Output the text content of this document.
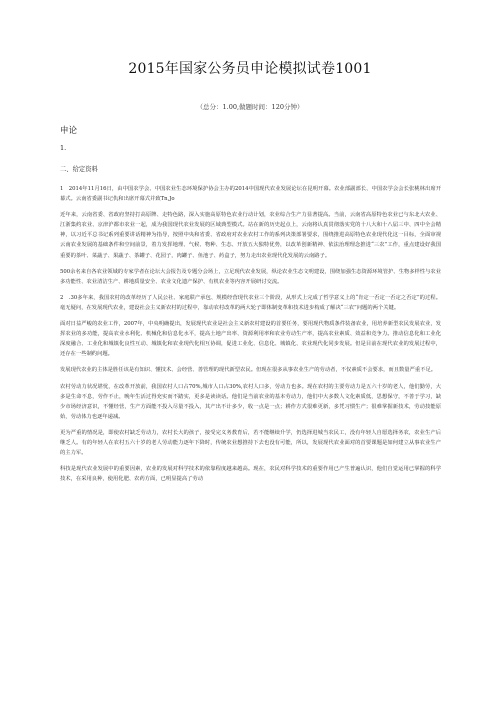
2015年国家公务员申论模拟试卷1001
（总分：1.00,做题时间：120分钟）
申论
1.
二、给定资料

1　2014年11月16日，由中国农学会、中国农业生态环境保护协会主办的2014中国现代农业发展论坛在昆明开幕。农业部副部长、中国农学会会长张桃林出席开幕式。云南省委副书记仇和出席开幕式并致Tn,Jo

近年来，云南省委、省政府坚持打高原牌、走特色路，深入实施高原特色农业行动计划，农业综合生产力显著提高。当前，云南省高原特色农业已与东北大农业、江浙集约农业、京津沪都市农业一起，成为我国现代农业发展的区域典型模式。站在新的历史起点上，云南将认真贯彻落实党的十八大和十八届三中、四中全会精神，以习近平总书记系列重要讲话精神为指导，按照中央和省委、省政府对农业农村工作的系列决策部署要求，围绕推进高原特色农业现代化这一目标，全面审视云南农业发展的基础条件和空间前景，着力发挥地理、气候、物种、生态、开放五大独特优势，以改革创新精神、依法治理理念推进“三农”工作，重点建设好我国重要的茶叶、菜蔬子、果蔬子、茶罐子、花园子，肉罐子、鱼池子、药盒子，努力走出农业现代化发展的云南路子。

500余名来自各农业领域的专家学者在论坛大会报告及专题分会场上，立足现代农业发展，纵论农业生态文明建设，围绕加强生态资源环境管护、生物多样性与农业多功能性、农业清洁生产、耕地质量安全、农业文化遗产保护、有机农业等内容开展研讨交流。

2　.30多年来，我国农村的改革经历了人民公社、家庭联产承包、规模经营现代农业三个阶段，从形式上完成了哲学意义上的“肯定一否定一否定之否定”的过程。毫无疑问，在发展现代农业，建设社会主义新农村的过程中，靠动农村改革的两大轮子即体制变革和技术进步构成了解决“三农”问题的两个关键。

面对日益严峻的农业工作，2007年，中央明确提出，发展现代农业是社会主义新农村建设的首要任务，要用现代物质条件装备农业，用培养新型农民发展农业，发挥农业的多功能，提高农业水利化、机械化和信息化水平，提高土地产出率、资源利用率和农业劳动生产率，提高农业素质、效益和竞争力。推动信息化和工业化深度融合、工业化和城镇化良性互动、城镇化和农业现代化相互协调，促进工业化、信息化、城镇化、农业现代化同步发展。但是目前在现代农业的发展过程中，还存在一些制约问题。

发展现代农业的主体是胜任该是有知识、懂技术、会经营、善管理的现代新型农民。但现在很多从事农业生产的劳动者，不仅素质不会要求，而且数量严重不足。

农村劳动力状况堪忧，在改革开放前，我国农村人口占70%,城市人口占30%,农村人口多，劳动力也多。现在农村的主要劳动力是五六十岁的老人，他们勤劳，大多是生命不息，劳作不止，晚年生活过得充实而不踏实，更多是读读话。他们是当前农业的基本劳动力，他们中大多数人文化素质低，思想保守，不善于学习，缺少市场经济意识，不懂经营，生产方面能不投入尽量不投入，其产出不计多少，收一点是一点；耕作方式很难更新，多凭习惯生产；很难掌握新技术，劳动技能原始，劳动体力也逐年递减。

更为严重的情况是，即使农村缺乏劳动力，农村长大的孩子，接受完义务教育后，若不能继续升学，仍选择进城当农民工，没有年轻人自愿选择务农，农业生产后继乏人。有的年轻人在农村五六十岁的老人劳动能力逐年下降时，传统农业想推持下去也没有可能，所以，发展现代农业面对的首要课题是如何建立从事农业生产的主力军。

科技是现代农业发展中的重要因素，农业的发展对科学技术的依靠程度越来越高。现在，农民对科学技术的重要作用已产生普遍认识，他们自觉运用已掌握的科学技术，在采用良种，使用化肥、农药方面，已明显提高了劳动
